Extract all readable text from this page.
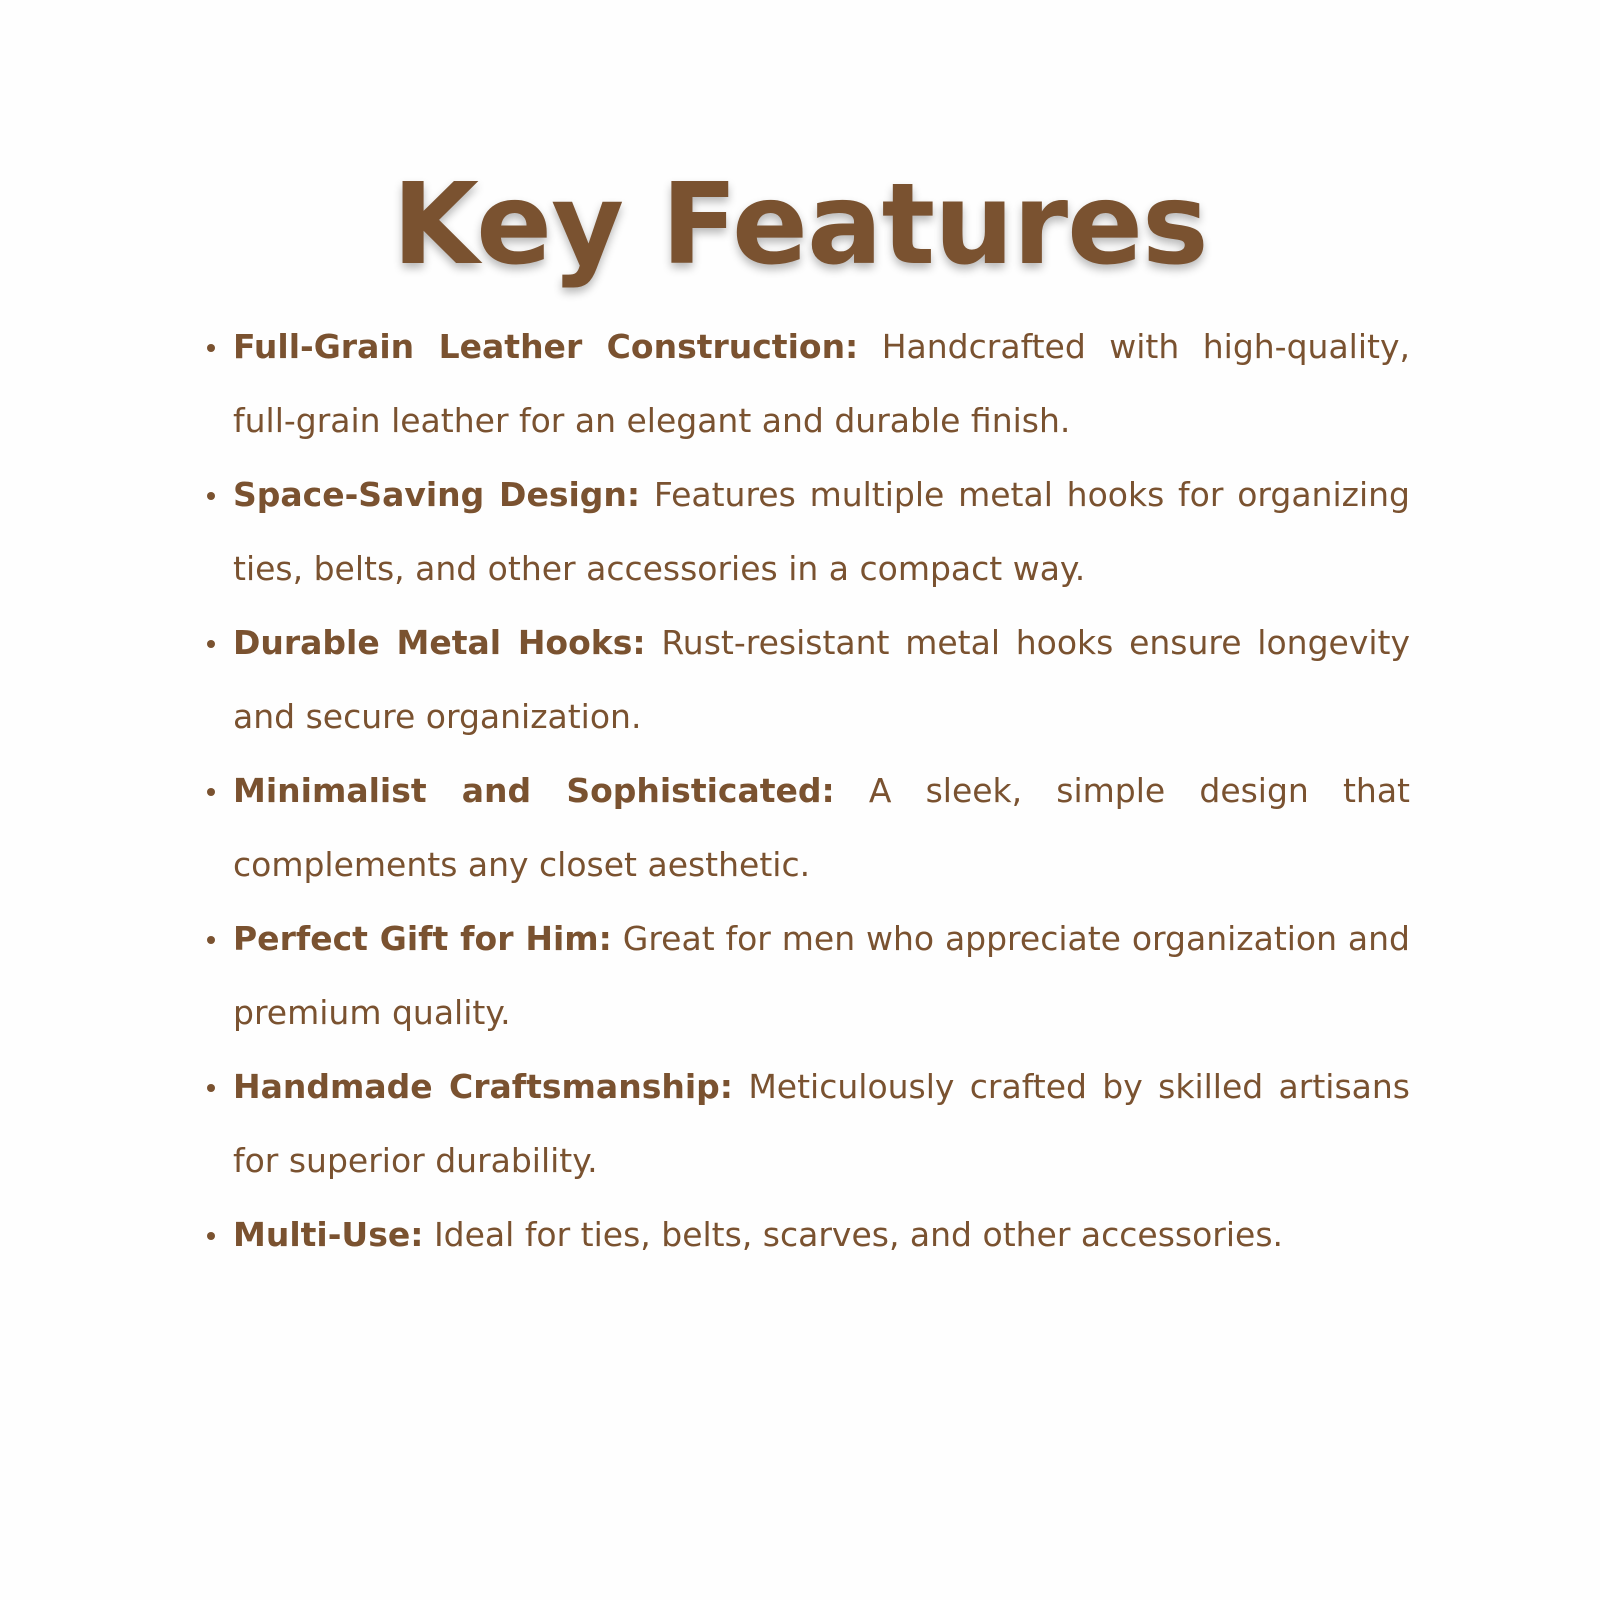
Key Features
Full-Grain Leather Construction: Handcrafted with high-quality, full-grain leather for an elegant and durable finish.
Space-Saving Design: Features multiple metal hooks for organizing ties, belts, and other accessories in a compact way.
Durable Metal Hooks: Rust-resistant metal hooks ensure longevity and secure organization.
Minimalist and Sophisticated: A sleek, simple design that complements any closet aesthetic.
Perfect Gift for Him: Great for men who appreciate organization and premium quality.
Handmade Craftsmanship: Meticulously crafted by skilled artisans for superior durability.
Multi-Use: Ideal for ties, belts, scarves, and other accessories.
